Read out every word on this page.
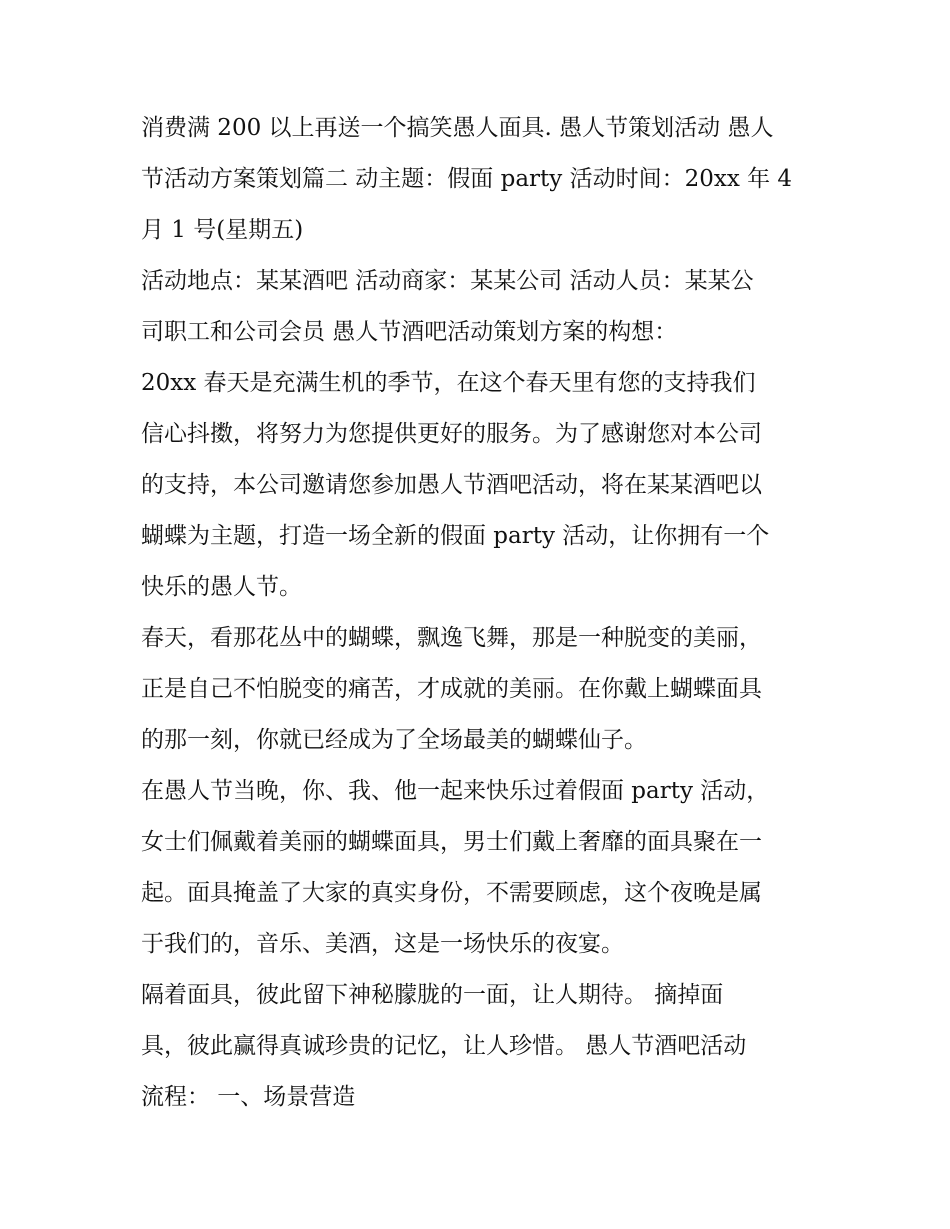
消费满 200 以上再送一个搞笑愚人面具. 愚人节策划活动 愚人

节活动方案策划篇二 动主题：假面 party 活动时间：20xx 年 4

月 1 号(星期五)

活动地点：某某酒吧 活动商家：某某公司 活动人员：某某公

司职工和公司会员 愚人节酒吧活动策划方案的构想：

20xx 春天是充满生机的季节，在这个春天里有您的支持我们

信心抖擞，将努力为您提供更好的服务。为了感谢您对本公司

的支持，本公司邀请您参加愚人节酒吧活动，将在某某酒吧以

蝴蝶为主题，打造一场全新的假面 party 活动，让你拥有一个

快乐的愚人节。

春天，看那花丛中的蝴蝶，飘逸飞舞，那是一种脱变的美丽，

正是自己不怕脱变的痛苦，才成就的美丽。在你戴上蝴蝶面具

的那一刻，你就已经成为了全场最美的蝴蝶仙子。

在愚人节当晚，你、我、他一起来快乐过着假面 party 活动，

女士们佩戴着美丽的蝴蝶面具，男士们戴上奢靡的面具聚在一

起。面具掩盖了大家的真实身份，不需要顾虑，这个夜晚是属

于我们的，音乐、美酒，这是一场快乐的夜宴。

隔着面具，彼此留下神秘朦胧的一面，让人期待。 摘掉面

具，彼此赢得真诚珍贵的记忆，让人珍惜。 愚人节酒吧活动

流程： 一、场景营造
